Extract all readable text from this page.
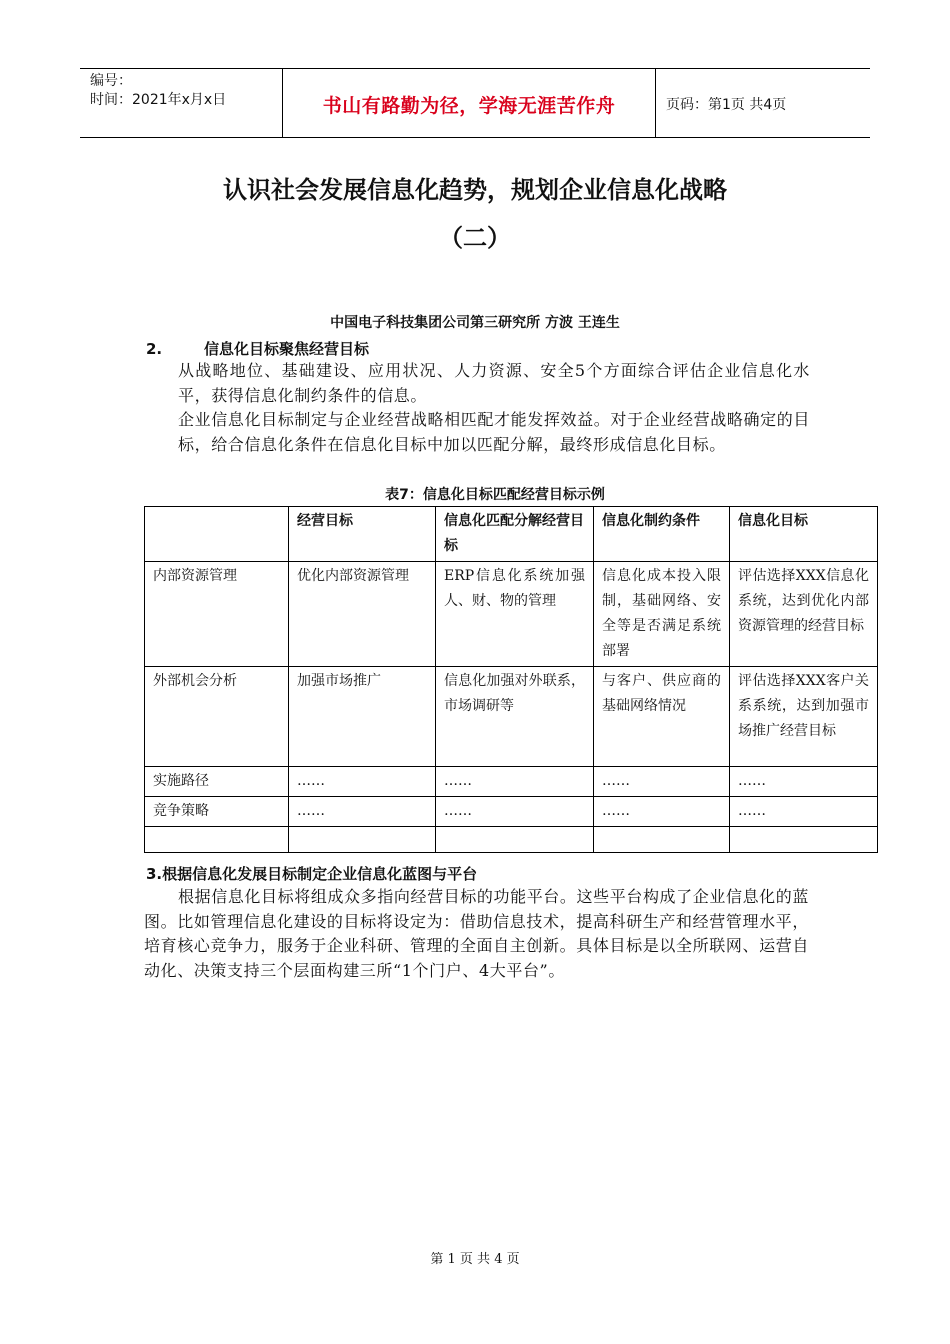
编号：
时间：2021年x月x日	书山有路勤为径，学海无涯苦作舟	页码：第1页 共4页
认识社会发展信息化趋势，规划企业信息化战略
（二）
中国电子科技集团公司第三研究所 方波 王连生
2.	信息化目标聚焦经营目标
从战略地位、基础建设、应用状况、人力资源、安全5个方面综合评估企业信息化水平，获得信息化制约条件的信息。
企业信息化目标制定与企业经营战略相匹配才能发挥效益。对于企业经营战略确定的目标，给合信息化条件在信息化目标中加以匹配分解，最终形成信息化目标。
表7：信息化目标匹配经营目标示例
	经营目标	信息化匹配分解经营目标	信息化制约条件	信息化目标
内部资源管理	优化内部资源管理	ERP信息化系统加强人、财、物的管理	信息化成本投入限制，基础网络、安全等是否满足系统部署	评估选择XXX信息化系统，达到优化内部资源管理的经营目标
外部机会分析	加强市场推广	信息化加强对外联系，市场调研等	与客户、供应商的基础网络情况	评估选择XXX客户关系系统，达到加强市场推广经营目标
实施路径	……	……	……	……
竞争策略	……	……	……	……

3.根据信息化发展目标制定企业信息化蓝图与平台
根据信息化目标将组成众多指向经营目标的功能平台。这些平台构成了企业信息化的蓝图。比如管理信息化建设的目标将设定为：借助信息技术，提高科研生产和经营管理水平，培育核心竞争力，服务于企业科研、管理的全面自主创新。具体目标是以全所联网、运营自动化、决策支持三个层面构建三所“1个门户、4大平台”。
第 1 页 共 4 页
